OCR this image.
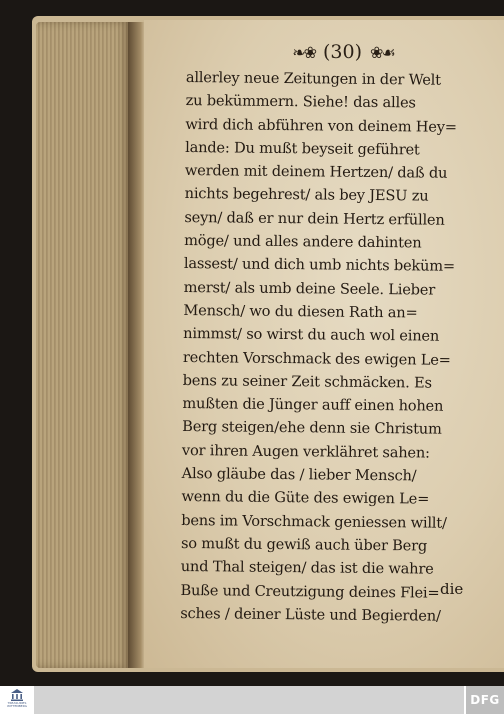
❧❀ (30) ❀☙
allerley neue Zeitungen in der Welt
zu bekümmern. Siehe! das alles
wird dich abführen von deinem Hey=
lande: Du mußt beyseit geführet
werden mit deinem Hertzen/ daß du
nichts begehrest/ als bey JESU zu
seyn/ daß er nur dein Hertz erfüllen
möge/ und alles andere dahinten
lassest/ und dich umb nichts beküm=
merst/ als umb deine Seele. Lieber
Mensch/ wo du diesen Rath an=
nimmst/ so wirst du auch wol einen
rechten Vorschmack des ewigen Le=
bens zu seiner Zeit schmäcken. Es
mußten die Jünger auff einen hohen
Berg steigen/ehe denn sie Christum
vor ihren Augen verklähret sahen:
Also gläube das / lieber Mensch/
wenn du die Güte des ewigen Le=
bens im Vorschmack geniessen willt/
so mußt du gewiß auch über Berg
und Thal steigen/ das ist die wahre
Buße und Creutzigung deines Flei=
sches / deiner Lüste und Begierden/
die
TREASURIES
WITTENBERG	DFG
